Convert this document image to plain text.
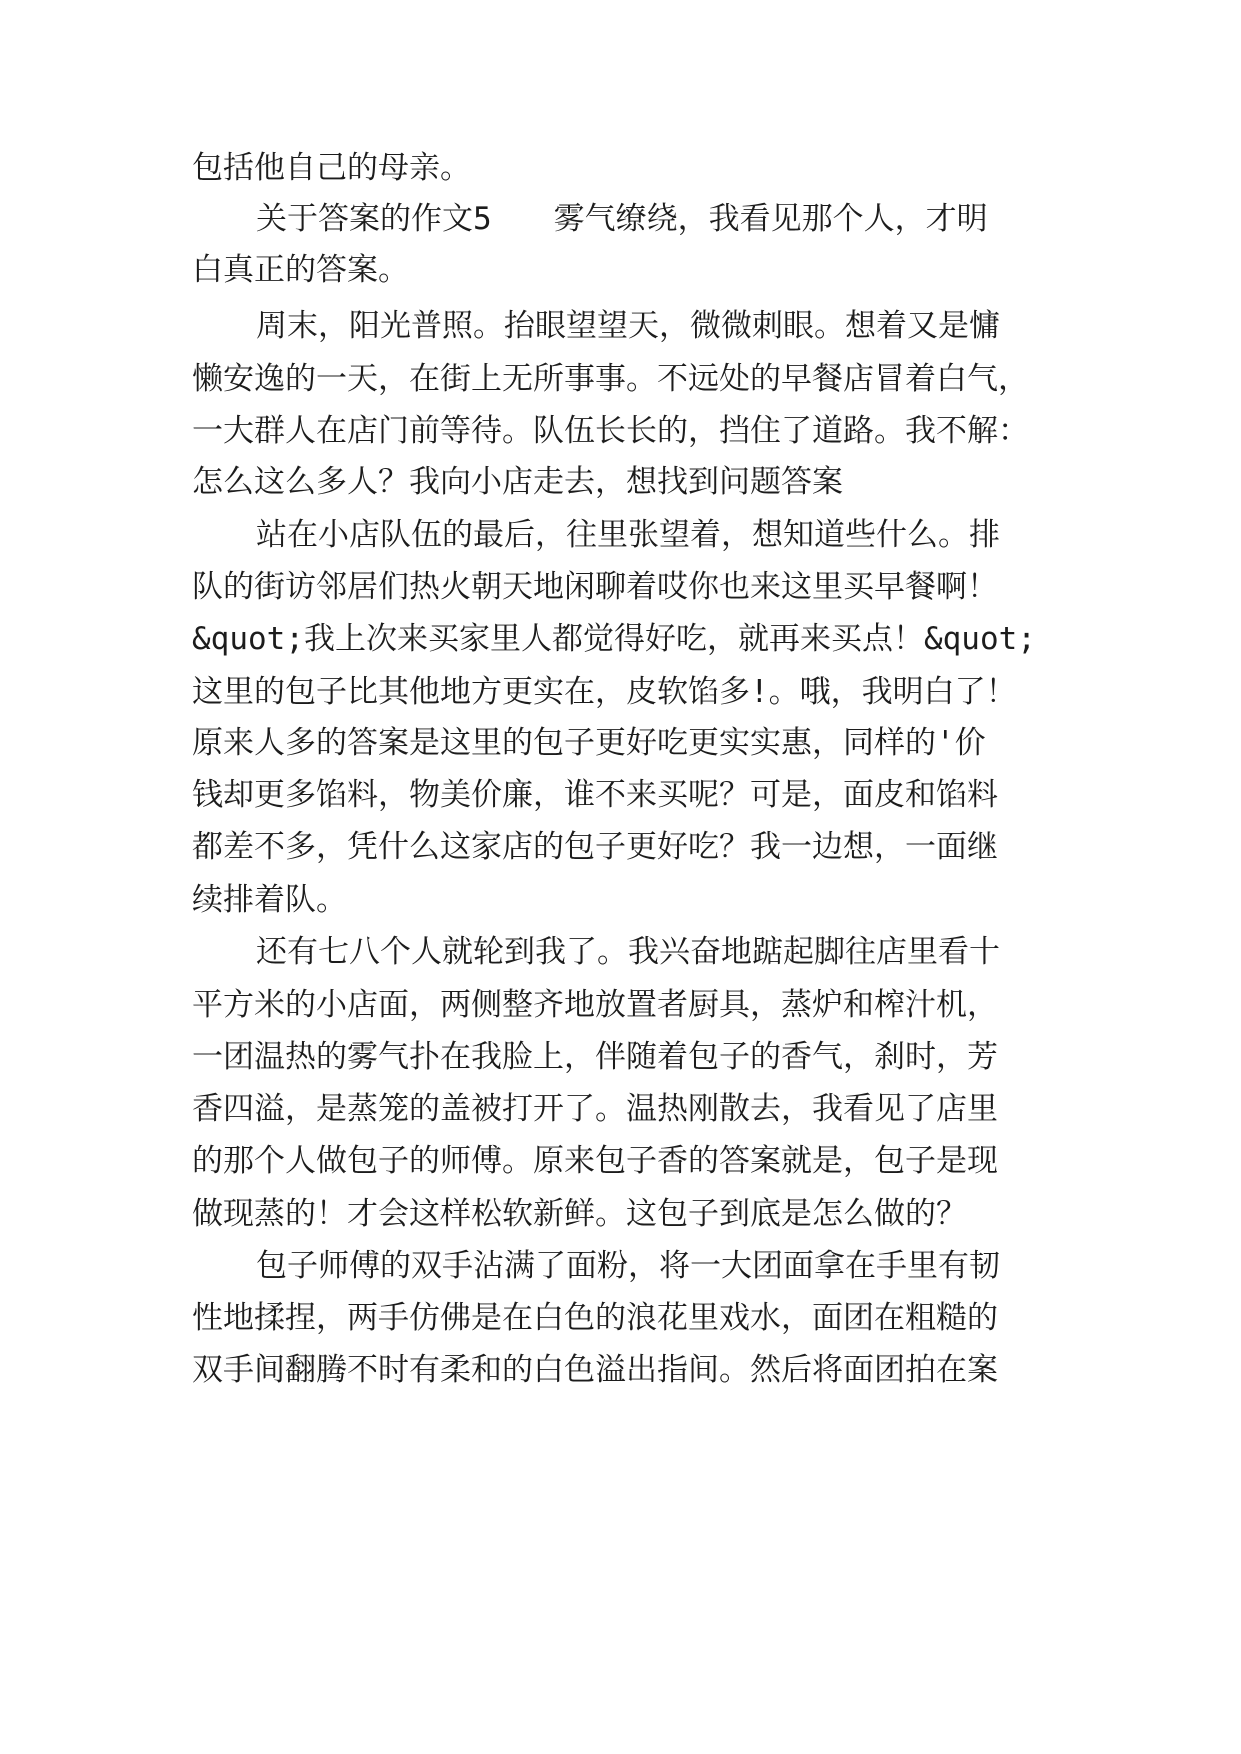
包括他自己的母亲。
关于答案的作文5　　雾气缭绕，我看见那个人，才明
白真正的答案。
周末，阳光普照。抬眼望望天，微微刺眼。想着又是慵
懒安逸的一天，在街上无所事事。不远处的早餐店冒着白气，
一大群人在店门前等待。队伍长长的，挡住了道路。我不解：
怎么这么多人？我向小店走去，想找到问题答案
站在小店队伍的最后，往里张望着，想知道些什么。排
队的街访邻居们热火朝天地闲聊着哎你也来这里买早餐啊！
&quot;我上次来买家里人都觉得好吃，就再来买点！&quot;
这里的包子比其他地方更实在，皮软馅多!。哦，我明白了！
原来人多的答案是这里的包子更好吃更实实惠，同样的'价
钱却更多馅料，物美价廉，谁不来买呢？可是，面皮和馅料
都差不多，凭什么这家店的包子更好吃？我一边想，一面继
续排着队。
还有七八个人就轮到我了。我兴奋地踮起脚往店里看十
平方米的小店面，两侧整齐地放置者厨具，蒸炉和榨汁机，
一团温热的雾气扑在我脸上，伴随着包子的香气，刹时，芳
香四溢，是蒸笼的盖被打开了。温热刚散去，我看见了店里
的那个人做包子的师傅。原来包子香的答案就是，包子是现
做现蒸的！才会这样松软新鲜。这包子到底是怎么做的？
包子师傅的双手沾满了面粉，将一大团面拿在手里有韧
性地揉捏，两手仿佛是在白色的浪花里戏水，面团在粗糙的
双手间翻腾不时有柔和的白色溢出指间。然后将面团拍在案
